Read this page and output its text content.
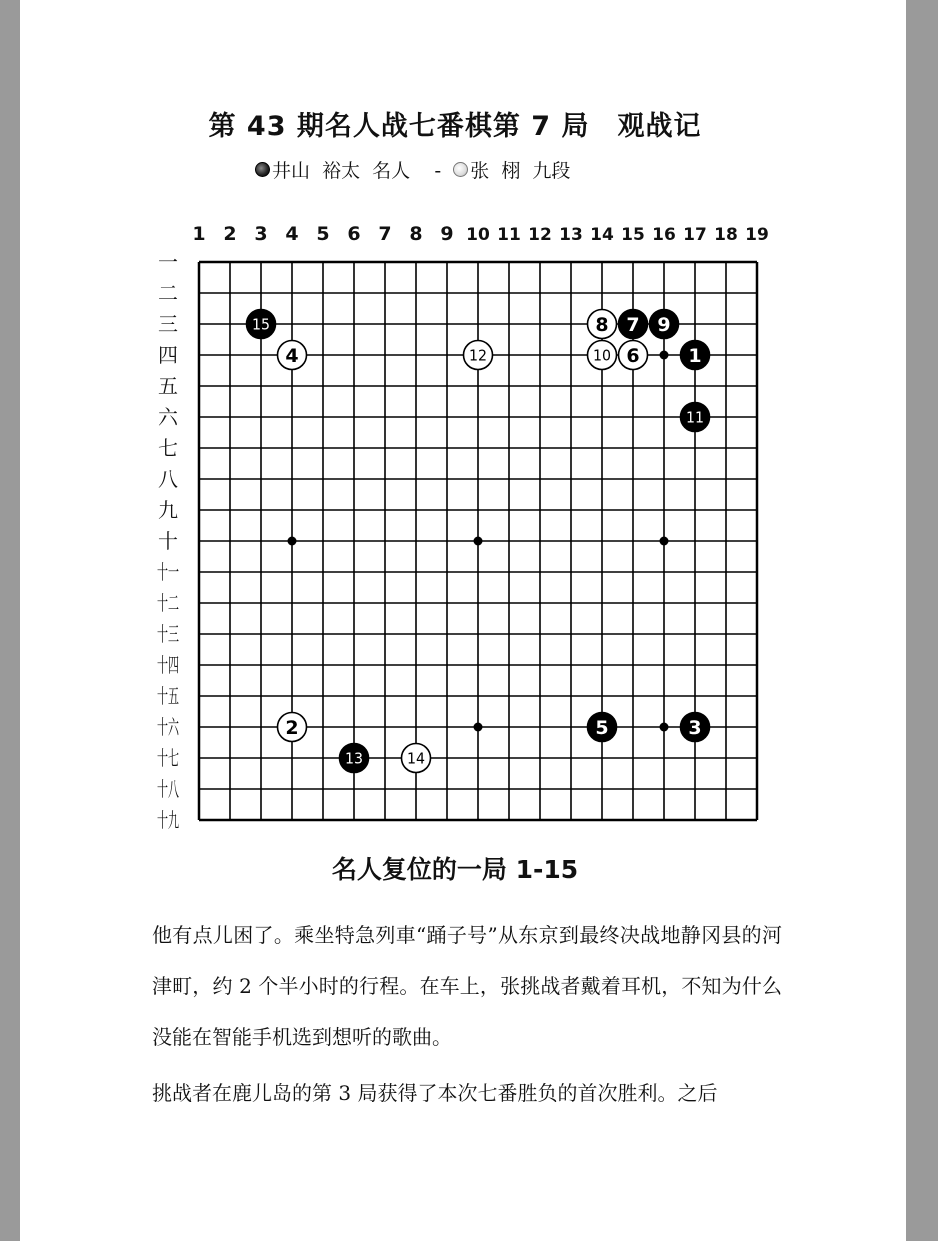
第 43 期名人战七番棋第 7 局　观战记
井山  裕太  名人    - 张  栩  九段
1 2 3 4 5 6 7 8 9 10 11 12 13 14 15 16 17 18 19
一
二
三
四
五
六
七
八
九
十
十一
十二
十三
十四
十五
十六
十七
十八
十九
1
2	3
4
5
6
7
8	9
10
11
12
13	14
15
名人复位的一局 1-15
他有点儿困了。乘坐特急列車“踊子号”从东京到最终决战地静冈县的河津町，约 2 个半小时的行程。在车上，张挑战者戴着耳机，不知为什么没能在智能手机选到想听的歌曲。
挑战者在鹿儿岛的第 3 局获得了本次七番胜负的首次胜利。之后
